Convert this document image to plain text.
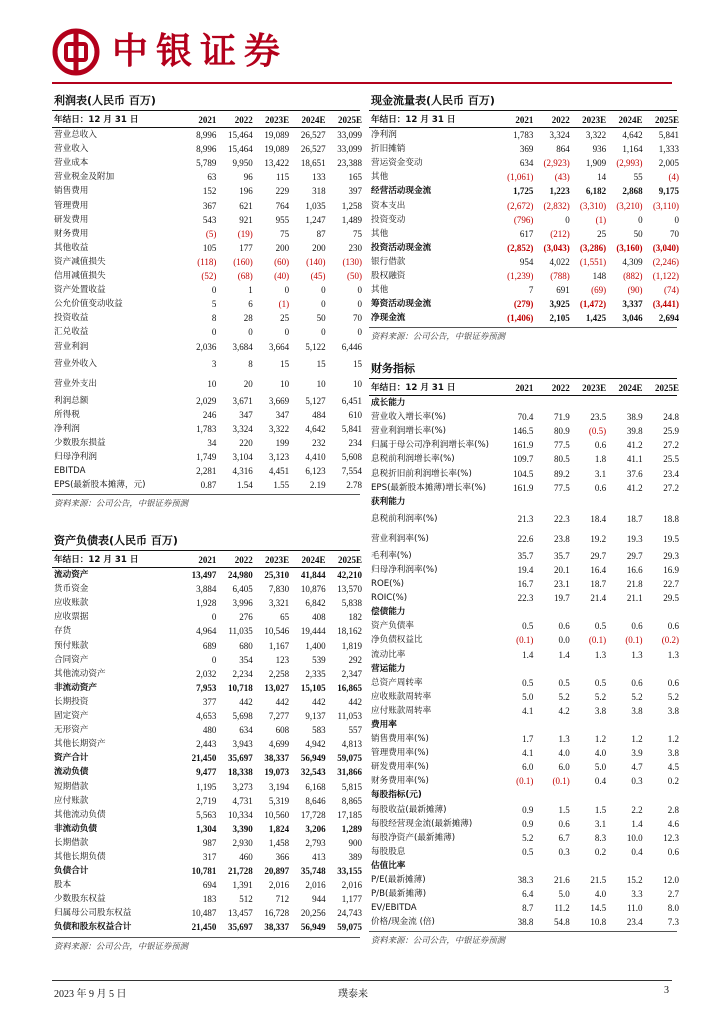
中银证券
利润表(人民币 百万)
年结日：12 月 31 日	2021	2022	2023E	2024E	2025E
营业总收入	8,996	15,464	19,089	26,527	33,099
营业收入	8,996	15,464	19,089	26,527	33,099
营业成本	5,789	9,950	13,422	18,651	23,388
营业税金及附加	63	96	115	133	165
销售费用	152	196	229	318	397
管理费用	367	621	764	1,035	1,258
研发费用	543	921	955	1,247	1,489
财务费用	(5)	(19)	75	87	75
其他收益	105	177	200	200	230
资产减值损失	(118)	(160)	(60)	(140)	(130)
信用减值损失	(52)	(68)	(40)	(45)	(50)
资产处置收益	0	1	0	0	0
公允价值变动收益	5	6	(1)	0	0
投资收益	8	28	25	50	70
汇兑收益	0	0	0	0	0
营业利润	2,036	3,684	3,664	5,122	6,446
营业外收入	3	8	15	15	15
营业外支出	10	20	10	10	10
利润总额	2,029	3,671	3,669	5,127	6,451
所得税	246	347	347	484	610
净利润	1,783	3,324	3,322	4,642	5,841
少数股东损益	34	220	199	232	234
归母净利润	1,749	3,104	3,123	4,410	5,608
EBITDA	2,281	4,316	4,451	6,123	7,554
EPS(最新股本摊薄，元)	0.87	1.54	1.55	2.19	2.78
资料来源：公司公告，中银证券预测
资产负债表(人民币 百万)
年结日：12 月 31 日	2021	2022	2023E	2024E	2025E
流动资产	13,497	24,980	25,310	41,844	42,210
货币资金	3,884	6,405	7,830	10,876	13,570
应收账款	1,928	3,996	3,321	6,842	5,838
应收票据	0	276	65	408	182
存货	4,964	11,035	10,546	19,444	18,162
预付账款	689	680	1,167	1,400	1,819
合同资产	0	354	123	539	292
其他流动资产	2,032	2,234	2,258	2,335	2,347
非流动资产	7,953	10,718	13,027	15,105	16,865
长期投资	377	442	442	442	442
固定资产	4,653	5,698	7,277	9,137	11,053
无形资产	480	634	608	583	557
其他长期资产	2,443	3,943	4,699	4,942	4,813
资产合计	21,450	35,697	38,337	56,949	59,075
流动负债	9,477	18,338	19,073	32,543	31,866
短期借款	1,195	3,273	3,194	6,168	5,815
应付账款	2,719	4,731	5,319	8,646	8,865
其他流动负债	5,563	10,334	10,560	17,728	17,185
非流动负债	1,304	3,390	1,824	3,206	1,289
长期借款	987	2,930	1,458	2,793	900
其他长期负债	317	460	366	413	389
负债合计	10,781	21,728	20,897	35,748	33,155
股本	694	1,391	2,016	2,016	2,016
少数股东权益	183	512	712	944	1,177
归属母公司股东权益	10,487	13,457	16,728	20,256	24,743
负债和股东权益合计	21,450	35,697	38,337	56,949	59,075
资料来源：公司公告，中银证券预测
现金流量表(人民币 百万)
年结日：12 月 31 日	2021	2022	2023E	2024E	2025E
净利润	1,783	3,324	3,322	4,642	5,841
折旧摊销	369	864	936	1,164	1,333
营运资金变动	634	(2,923)	1,909	(2,993)	2,005
其他	(1,061)	(43)	14	55	(4)
经营活动现金流	1,725	1,223	6,182	2,868	9,175
资本支出	(2,672)	(2,832)	(3,310)	(3,210)	(3,110)
投资变动	(796)	0	(1)	0	0
其他	617	(212)	25	50	70
投资活动现金流	(2,852)	(3,043)	(3,286)	(3,160)	(3,040)
银行借款	954	4,022	(1,551)	4,309	(2,246)
股权融资	(1,239)	(788)	148	(882)	(1,122)
其他	7	691	(69)	(90)	(74)
筹资活动现金流	(279)	3,925	(1,472)	3,337	(3,441)
净现金流	(1,406)	2,105	1,425	3,046	2,694
资料来源：公司公告，中银证券预测
财务指标
年结日：12 月 31 日	2021	2022	2023E	2024E	2025E
成长能力
营业收入增长率(%)	70.4	71.9	23.5	38.9	24.8
营业利润增长率(%)	146.5	80.9	(0.5)	39.8	25.9
归属于母公司净利润增长率(%)	161.9	77.5	0.6	41.2	27.2
息税前利润增长率(%)	109.7	80.5	1.8	41.1	25.5
息税折旧前利润增长率(%)	104.5	89.2	3.1	37.6	23.4
EPS(最新股本摊薄)增长率(%)	161.9	77.5	0.6	41.2	27.2
获利能力
息税前利润率(%)	21.3	22.3	18.4	18.7	18.8
营业利润率(%)	22.6	23.8	19.2	19.3	19.5
毛利率(%)	35.7	35.7	29.7	29.7	29.3
归母净利润率(%)	19.4	20.1	16.4	16.6	16.9
ROE(%)	16.7	23.1	18.7	21.8	22.7
ROIC(%)	22.3	19.7	21.4	21.1	29.5
偿债能力
资产负债率	0.5	0.6	0.5	0.6	0.6
净负债权益比	(0.1)	0.0	(0.1)	(0.1)	(0.2)
流动比率	1.4	1.4	1.3	1.3	1.3
营运能力
总资产周转率	0.5	0.5	0.5	0.6	0.6
应收账款周转率	5.0	5.2	5.2	5.2	5.2
应付账款周转率	4.1	4.2	3.8	3.8	3.8
费用率
销售费用率(%)	1.7	1.3	1.2	1.2	1.2
管理费用率(%)	4.1	4.0	4.0	3.9	3.8
研发费用率(%)	6.0	6.0	5.0	4.7	4.5
财务费用率(%)	(0.1)	(0.1)	0.4	0.3	0.2
每股指标(元)
每股收益(最新摊薄)	0.9	1.5	1.5	2.2	2.8
每股经营现金流(最新摊薄)	0.9	0.6	3.1	1.4	4.6
每股净资产(最新摊薄)	5.2	6.7	8.3	10.0	12.3
每股股息	0.5	0.3	0.2	0.4	0.6
估值比率
P/E(最新摊薄)	38.3	21.6	21.5	15.2	12.0
P/B(最新摊薄)	6.4	5.0	4.0	3.3	2.7
EV/EBITDA	8.7	11.2	14.5	11.0	8.0
价格/现金流 (倍)	38.8	54.8	10.8	23.4	7.3
资料来源：公司公告，中银证券预测
2023 年 9 月 5 日	璞泰来	3
